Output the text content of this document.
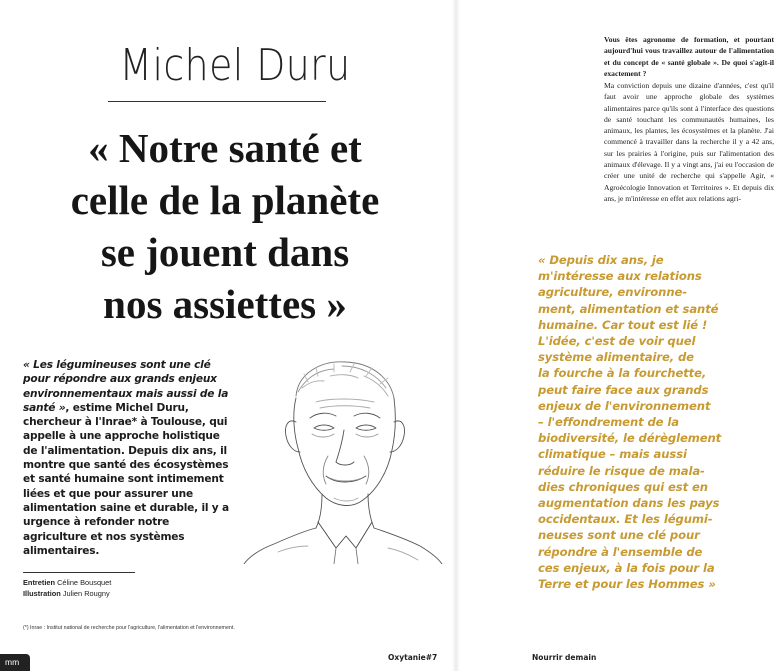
Michel Duru
« Notre santé et
celle de la planète
se jouent dans
nos assiettes »
« Les légumineuses sont une clé pour répondre aux grands enjeux environnementaux mais aussi de la santé », estime Michel Duru, chercheur à l'Inrae* à Toulouse, qui appelle à une approche holistique de l'alimentation. Depuis dix ans, il montre que santé des écosystèmes et santé humaine sont intimement liées et que pour assurer une alimentation saine et durable, il y a urgence à refonder notre agriculture et nos systèmes alimentaires.
Entretien Céline Bousquet
Illustration Julien Rougny
(*) Inrae : Institut national de recherche pour l'agriculture, l'alimentation et l'environnement.
mm	Oxytanie#7	Nourrir demain
Vous êtes agronome de formation, et pourtant aujourd'hui vous travaillez autour de l'alimentation et du concept de « santé globale ». De quoi s'agit-il exactement ?
Ma conviction depuis une dizaine d'années, c'est qu'il faut avoir une approche globale des systèmes alimentaires parce qu'ils sont à l'interface des questions de santé touchant les communautés humaines, les animaux, les plantes, les écosystèmes et la planète. J'ai commencé à travailler dans la recherche il y a 42 ans, sur les prairies à l'origine, puis sur l'alimentation des animaux d'élevage. Il y a vingt ans, j'ai eu l'occasion de créer une unité de recherche qui s'appelle Agir, « Agroécologie Innovation et Territoires ». Et depuis dix ans, je m'intéresse en effet aux relations agri-
« Depuis dix ans, je
m'intéresse aux relations
agriculture, environne-
ment, alimentation et santé
humaine. Car tout est lié !
L'idée, c'est de voir quel
système alimentaire, de
la fourche à la fourchette,
peut faire face aux grands
enjeux de l'environnement
– l'effondrement de la
biodiversité, le dérèglement
climatique – mais aussi
réduire le risque de mala-
dies chroniques qui est en
augmentation dans les pays
occidentaux. Et les légumi-
neuses sont une clé pour
répondre à l'ensemble de
ces enjeux, à la fois pour la
Terre et pour les Hommes »
